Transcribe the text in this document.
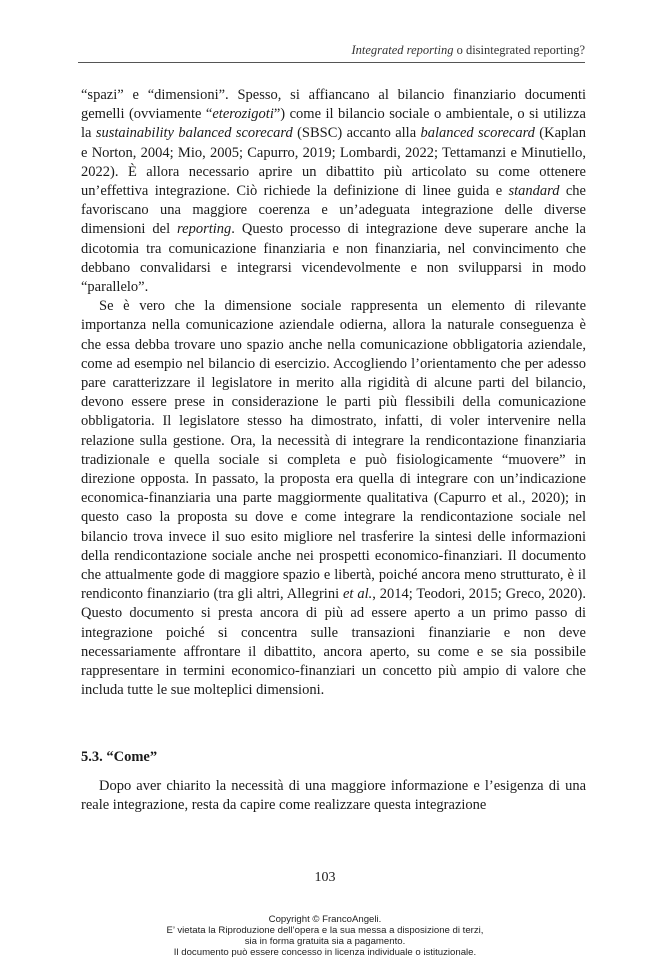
Integrated reporting o disintegrated reporting?

“spazi” e “dimensioni”. Spesso, si affiancano al bilancio finanziario documenti gemelli (ovviamente “eterozigoti”) come il bilancio sociale o ambientale, o si utilizza la sustainability balanced scorecard (SBSC) accanto alla balanced scorecard (Kaplan e Norton, 2004; Mio, 2005; Capurro, 2019; Lombardi, 2022; Tettamanzi e Minutiello, 2022). È allora necessario aprire un dibattito più articolato su come ottenere un’effettiva integrazione. Ciò richiede la definizione di linee guida e standard che favoriscano una maggiore coerenza e un’adeguata integrazione delle diverse dimensioni del reporting. Questo processo di integrazione deve superare anche la dicotomia tra comunicazione finanziaria e non finanziaria, nel convincimento che debbano convalidarsi e integrarsi vicendevolmente e non svilupparsi in modo “parallelo”.

Se è vero che la dimensione sociale rappresenta un elemento di rilevante importanza nella comunicazione aziendale odierna, allora la naturale conseguenza è che essa debba trovare uno spazio anche nella comunicazione obbligatoria aziendale, come ad esempio nel bilancio di esercizio. Accogliendo l’orientamento che per adesso pare caratterizzare il legislatore in merito alla rigidità di alcune parti del bilancio, devono essere prese in considerazione le parti più flessibili della comunicazione obbligatoria. Il legislatore stesso ha dimostrato, infatti, di voler intervenire nella relazione sulla gestione. Ora, la necessità di integrare la rendicontazione finanziaria tradizionale e quella sociale si completa e può fisiologicamente “muovere” in direzione opposta. In passato, la proposta era quella di integrare con un’indicazione economica-finanziaria una parte maggiormente qualitativa (Capurro et al., 2020); in questo caso la proposta su dove e come integrare la rendicontazione sociale nel bilancio trova invece il suo esito migliore nel trasferire la sintesi delle informazioni della rendicontazione sociale anche nei prospetti economico-finanziari. Il documento che attualmente gode di maggiore spazio e libertà, poiché ancora meno strutturato, è il rendiconto finanziario (tra gli altri, Allegrini et al., 2014; Teodori, 2015; Greco, 2020). Questo documento si presta ancora di più ad essere aperto a un primo passo di integrazione poiché si concentra sulle transazioni finanziarie e non deve necessariamente affrontare il dibattito, ancora aperto, su come e se sia possibile rappresentare in termini economico-finanziari un concetto più ampio di valore che includa tutte le sue molteplici dimensioni.

5.3. “Come”

Dopo aver chiarito la necessità di una maggiore informazione e l’esigenza di una reale integrazione, resta da capire come realizzare questa integrazione

103
Copyright © FrancoAngeli.
E’ vietata la Riproduzione dell’opera e la sua messa a disposizione di terzi,
sia in forma gratuita sia a pagamento.
Il documento può essere concesso in licenza individuale o istituzionale.
